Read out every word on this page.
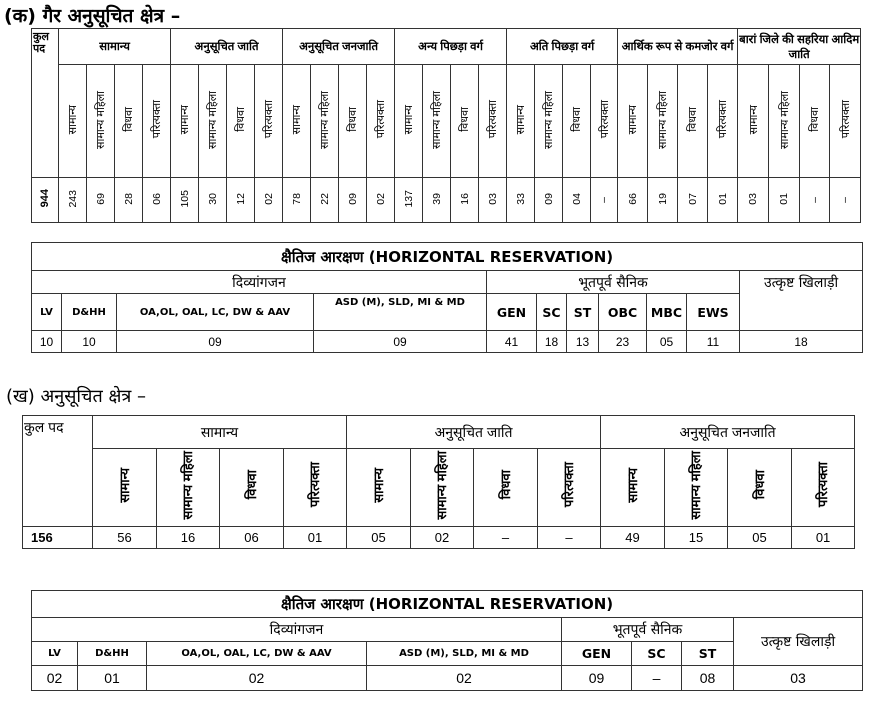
(क) गैर अनुसूचित क्षेत्र –
कुल पद	सामान्य				अनुसूचित जाति				अनुसूचित जनजाति				अन्य पिछड़ा वर्ग				अति पिछड़ा वर्ग				आर्थिक रूप से कमजोर वर्ग				बारां जिले की सहरिया आदिम जाति			
	सामान्य	सामान्य महिला	विधवा	परित्यक्ता	सामान्य	सामान्य महिला	विधवा	परित्यक्ता	सामान्य	सामान्य महिला	विधवा	परित्यक्ता	सामान्य	सामान्य महिला	विधवा	परित्यक्ता	सामान्य	सामान्य महिला	विधवा	परित्यक्ता	सामान्य	सामान्य महिला	विधवा	परित्यक्ता	सामान्य	सामान्य महिला	विधवा	परित्यक्ता
944	243	69	28	06	105	30	12	02	78	22	09	02	137	39	16	03	33	09	04	–	66	19	07	01	03	01	–	–
क्षैतिज आरक्षण (HORIZONTAL RESERVATION)										
दिव्यांगजन				भूतपूर्व सैनिक						उत्कृष्ट खिलाड़ी
LV	D&HH	OA,OL, OAL, LC, DW & AAV	ASD (M), SLD, MI & MD	GEN	SC	ST	OBC	MBC	EWS	
10	10	09	09	41	18	13	23	05	11	18
(ख) अनुसूचित क्षेत्र –
कुल पद	सामान्य				अनुसूचित जाति				अनुसूचित जनजाति			
	सामान्य	सामान्य महिला	विधवा	परित्यक्ता	सामान्य	सामान्य महिला	विधवा	परित्यक्ता	सामान्य	सामान्य महिला	विधवा	परित्यक्ता
156	56	16	06	01	05	02	–	–	49	15	05	01
क्षैतिज आरक्षण (HORIZONTAL RESERVATION)							
दिव्यांगजन				भूतपूर्व सैनिक			उत्कृष्ट खिलाड़ी
LV	D&HH	OA,OL, OAL, LC, DW & AAV	ASD (M), SLD, MI & MD	GEN	SC	ST	
02	01	02	02	09	–	08	03
